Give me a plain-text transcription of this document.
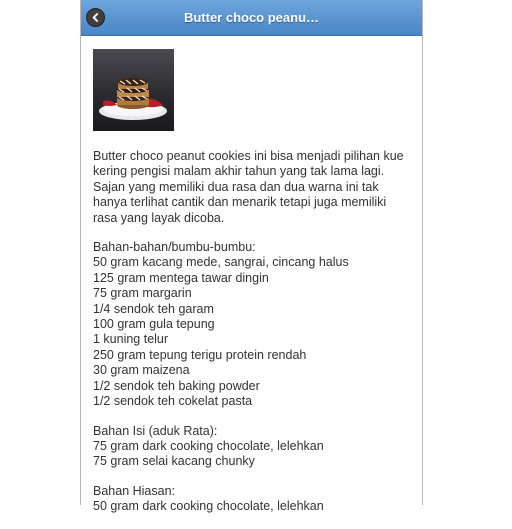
Butter choco peanu…

Butter choco peanut cookies ini bisa menjadi pilihan kue kering pengisi malam akhir tahun yang tak lama lagi. Sajan yang memiliki dua rasa dan dua warna ini tak hanya terlihat cantik dan menarik tetapi juga memiliki rasa yang layak dicoba.

Bahan-bahan/bumbu-bumbu:
50 gram kacang mede, sangrai, cincang halus
125 gram mentega tawar dingin
75 gram margarin
1/4 sendok teh garam
100 gram gula tepung
1 kuning telur
250 gram tepung terigu protein rendah
30 gram maizena
1/2 sendok teh baking powder
1/2 sendok teh cokelat pasta
Bahan Isi (aduk Rata):
75 gram dark cooking chocolate, lelehkan
75 gram selai kacang chunky
Bahan Hiasan:
50 gram dark cooking chocolate, lelehkan
